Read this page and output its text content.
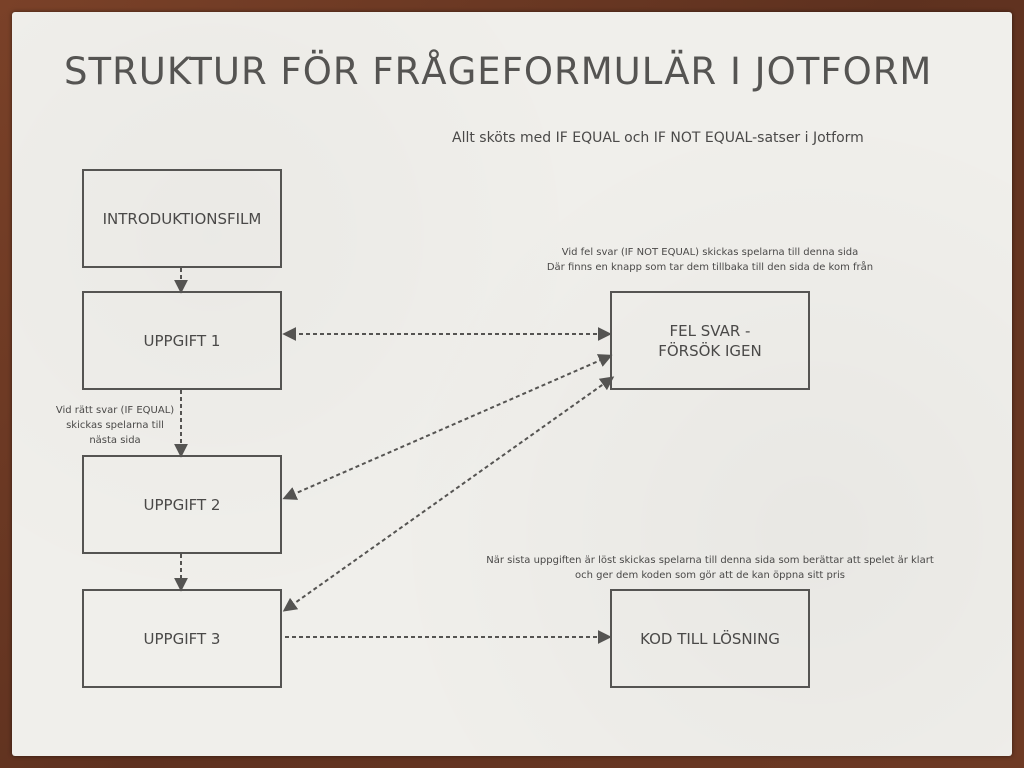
STRUKTUR FÖR FRÅGEFORMULÄR I JOTFORM
Allt sköts med IF EQUAL och IF NOT EQUAL-satser i Jotform
INTRODUKTIONSFILM
UPPGIFT 1
UPPGIFT 2
UPPGIFT 3
FEL SVAR -
FÖRSÖK IGEN
KOD TILL LÖSNING
Vid fel svar (IF NOT EQUAL) skickas spelarna till denna sida
Där finns en knapp som tar dem tillbaka till den sida de kom från
Vid rätt svar (IF EQUAL)
skickas spelarna till
nästa sida
När sista uppgiften är löst skickas spelarna till denna sida som berättar att spelet är klart
och ger dem koden som gör att de kan öppna sitt pris
